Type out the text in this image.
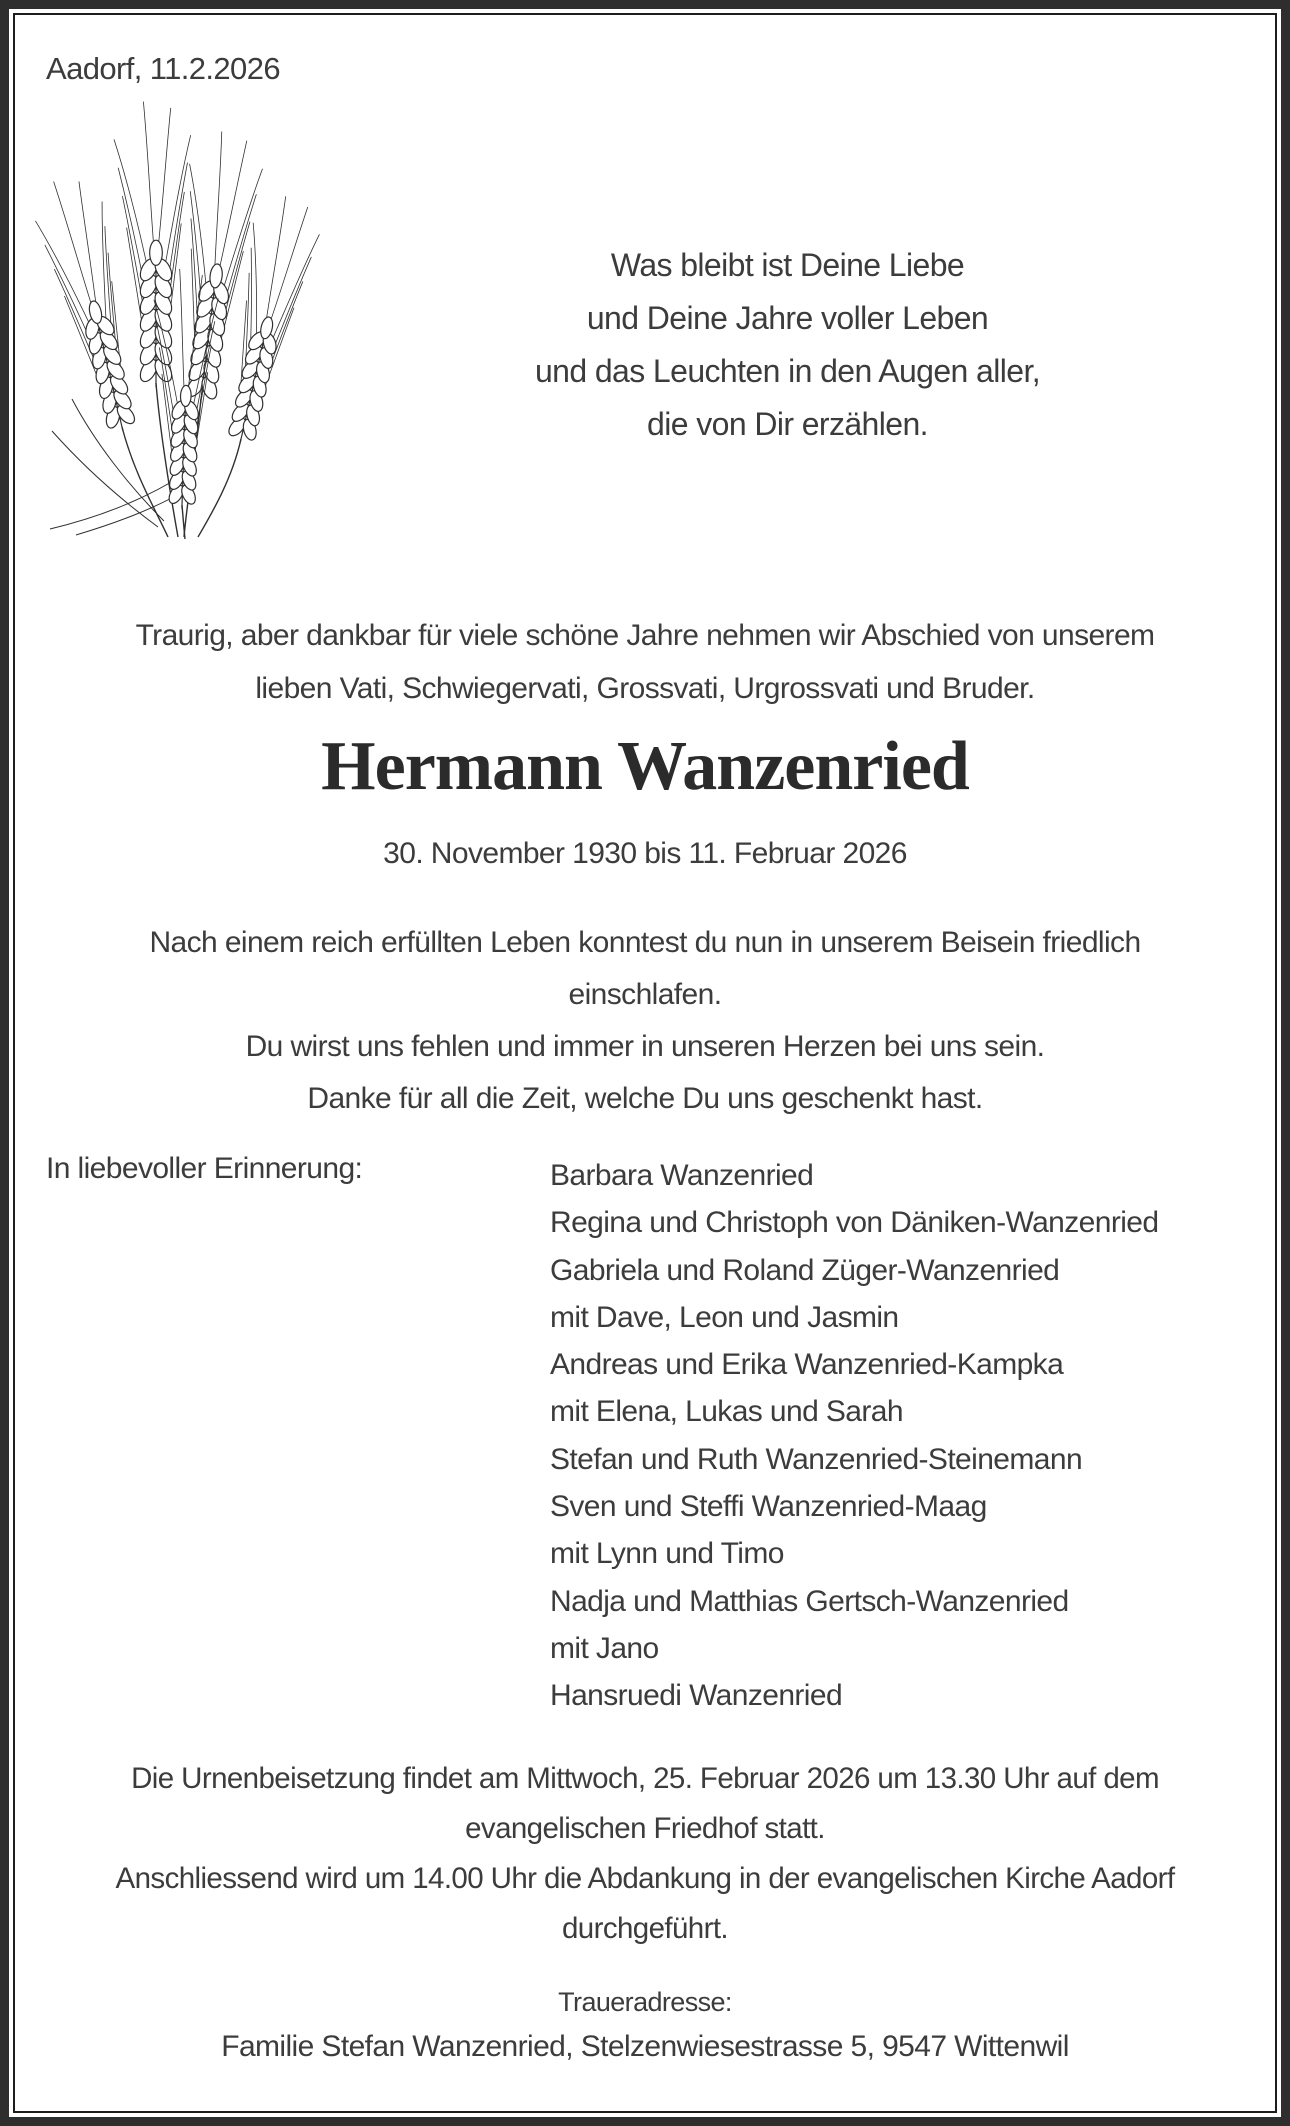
Aadorf, 11.2.2026
Was bleibt ist Deine Liebe
und Deine Jahre voller Leben
und das Leuchten in den Augen aller,
die von Dir erzählen.
Traurig, aber dankbar für viele schöne Jahre nehmen wir Abschied von unserem
lieben Vati, Schwiegervati, Grossvati, Urgrossvati und Bruder.
Hermann Wanzenried
30. November 1930 bis 11. Februar 2026
Nach einem reich erfüllten Leben konntest du nun in unserem Beisein friedlich
einschlafen.
Du wirst uns fehlen und immer in unseren Herzen bei uns sein.
Danke für all die Zeit, welche Du uns geschenkt hast.
In liebevoller Erinnerung:	Barbara Wanzenried
Regina und Christoph von Däniken-Wanzenried
Gabriela und Roland Züger-Wanzenried
mit Dave, Leon und Jasmin
Andreas und Erika Wanzenried-Kampka
mit Elena, Lukas und Sarah
Stefan und Ruth Wanzenried-Steinemann
Sven und Steffi Wanzenried-Maag
mit Lynn und Timo
Nadja und Matthias Gertsch-Wanzenried
mit Jano
Hansruedi Wanzenried
Die Urnenbeisetzung findet am Mittwoch, 25. Februar 2026 um 13.30 Uhr auf dem
evangelischen Friedhof statt.
Anschliessend wird um 14.00 Uhr die Abdankung in der evangelischen Kirche Aadorf
durchgeführt.
Traueradresse:
Familie Stefan Wanzenried, Stelzenwiesestrasse 5, 9547 Wittenwil
